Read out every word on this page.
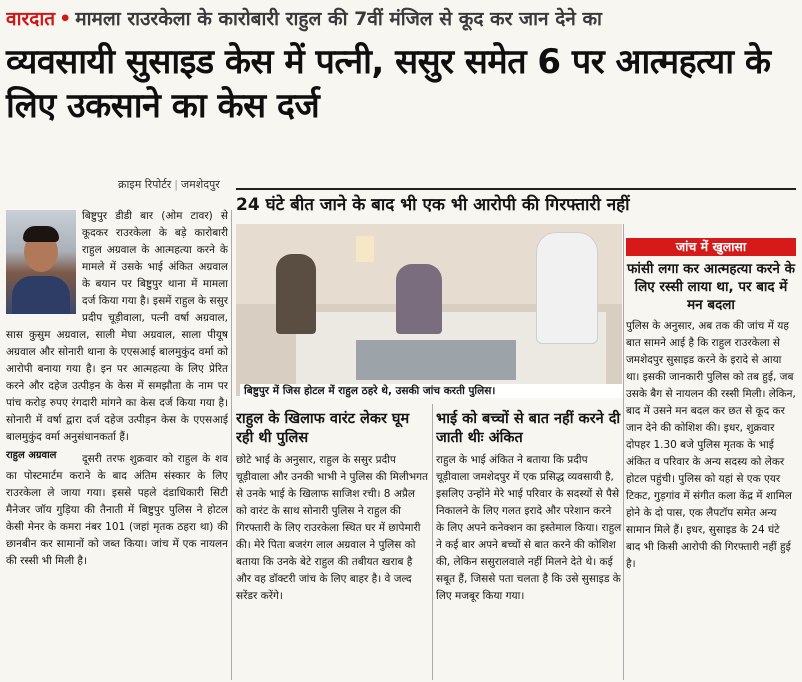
वारदात • मामला राउरकेला के कारोबारी राहुल की 7वीं मंजिल से कूद कर जान देने का
व्यवसायी सुसाइड केस में पत्नी, ससुर समेत 6 पर आत्महत्या के लिए उकसाने का केस दर्ज
क्राइम रिपोर्टर | जमशेदपुर
24 घंटे बीत जाने के बाद भी एक भी आरोपी की गिरफ्तारी नहीं

बिष्टुपुर डीडी बार (ओम टावर) से कूदकर राउरकेला के बड़े कारोबारी राहुल अग्रवाल के आत्महत्या करने के मामले में उसके भाई अंकित अग्रवाल के बयान पर बिष्टुपुर थाना में मामला दर्ज किया गया है। इसमें राहुल के ससुर प्रदीप चूड़ीवाला, पत्नी वर्षा अग्रवाल, सास कुसुम अग्रवाल, साली मेघा अग्रवाल, साला पीयूष अग्रवाल और सोनारी थाना के एएसआई बालमुकुंद वर्मा को आरोपी बनाया गया है। इन पर आत्महत्या के लिए प्रेरित करने और दहेज उत्पीड़न के केस में समझौता के नाम पर पांच करोड़ रुपए रंगदारी मांगने का केस दर्ज किया गया है। सोनारी में वर्षा द्वारा दर्ज दहेज उत्पीड़न केस के एएसआई बालमुकुंद वर्मा अनुसंधानकर्ता हैं।

राहुल अग्रवाल	दूसरी तरफ शुक्रवार को राहुल के शव का पोस्टमार्टम कराने के बाद अंतिम संस्कार के लिए राउरकेला ले जाया गया। इससे पहले दंडाधिकारी सिटी मैनेजर जॉय गुड़िया की तैनाती में बिष्टुपुर पुलिस ने होटल केसी मेनर के कमरा नंबर 101 (जहां मृतक ठहरा था) की छानबीन कर सामानों को जब्त किया। जांच में एक नायलन की रस्सी भी मिली है।

बिष्टुपुर में जिस होटल में राहुल ठहरे थे, उसकी जांच करती पुलिस।
राहुल के खिलाफ वारंट लेकर घूम रही थी पुलिस

छोटे भाई के अनुसार, राहुल के ससुर प्रदीप चूड़ीवाला और उनकी भाभी ने पुलिस की मिलीभगत से उनके भाई के खिलाफ साजिश रची। 8 अप्रैल को वारंट के साथ सोनारी पुलिस ने राहुल की गिरफ्तारी के लिए राउरकेला स्थित घर में छापेमारी की। मेरे पिता बजरंग लाल अग्रवाल ने पुलिस को बताया कि उनके बेटे राहुल की तबीयत खराब है और वह डॉक्टरी जांच के लिए बाहर है। वे जल्द सरेंडर करेंगे।

भाई को बच्चों से बात नहीं करने दी जाती थीः अंकित

राहुल के भाई अंकित ने बताया कि प्रदीप चूड़ीवाला जमशेदपुर में एक प्रसिद्ध व्यवसायी है, इसलिए उन्होंने मेरे भाई परिवार के सदस्यों से पैसे निकालने के लिए गलत इरादे और परेशान करने के लिए अपने कनेक्शन का इस्तेमाल किया। राहुल ने कई बार अपने बच्चों से बात करने की कोशिश की, लेकिन ससुरालवाले नहीं मिलने देते थे। कई सबूत हैं, जिससे पता चलता है कि उसे सुसाइड के लिए मजबूर किया गया।

जांच में खुलासा
फांसी लगा कर आत्महत्या करने के लिए रस्सी लाया था, पर बाद में मन बदला

पुलिस के अनुसार, अब तक की जांच में यह बात सामने आई है कि राहुल राउरकेला से जमशेदपुर सुसाइड करने के इरादे से आया था। इसकी जानकारी पुलिस को तब हुई, जब उसके बैग से नायलन की रस्सी मिली। लेकिन, बाद में उसने मन बदल कर छत से कूद कर जान देने की कोशिश की। इधर, शुक्रवार दोपहर 1.30 बजे पुलिस मृतक के भाई अंकित व परिवार के अन्य सदस्य को लेकर होटल पहुंची। पुलिस को यहां से एक एयर टिकट, गुड़गांव में संगीत कला केंद्र में शामिल होने के दो पास, एक लैपटॉप समेत अन्य सामान मिले हैं। इधर, सुसाइड के 24 घंटे बाद भी किसी आरोपी की गिरफ्तारी नहीं हुई है।
